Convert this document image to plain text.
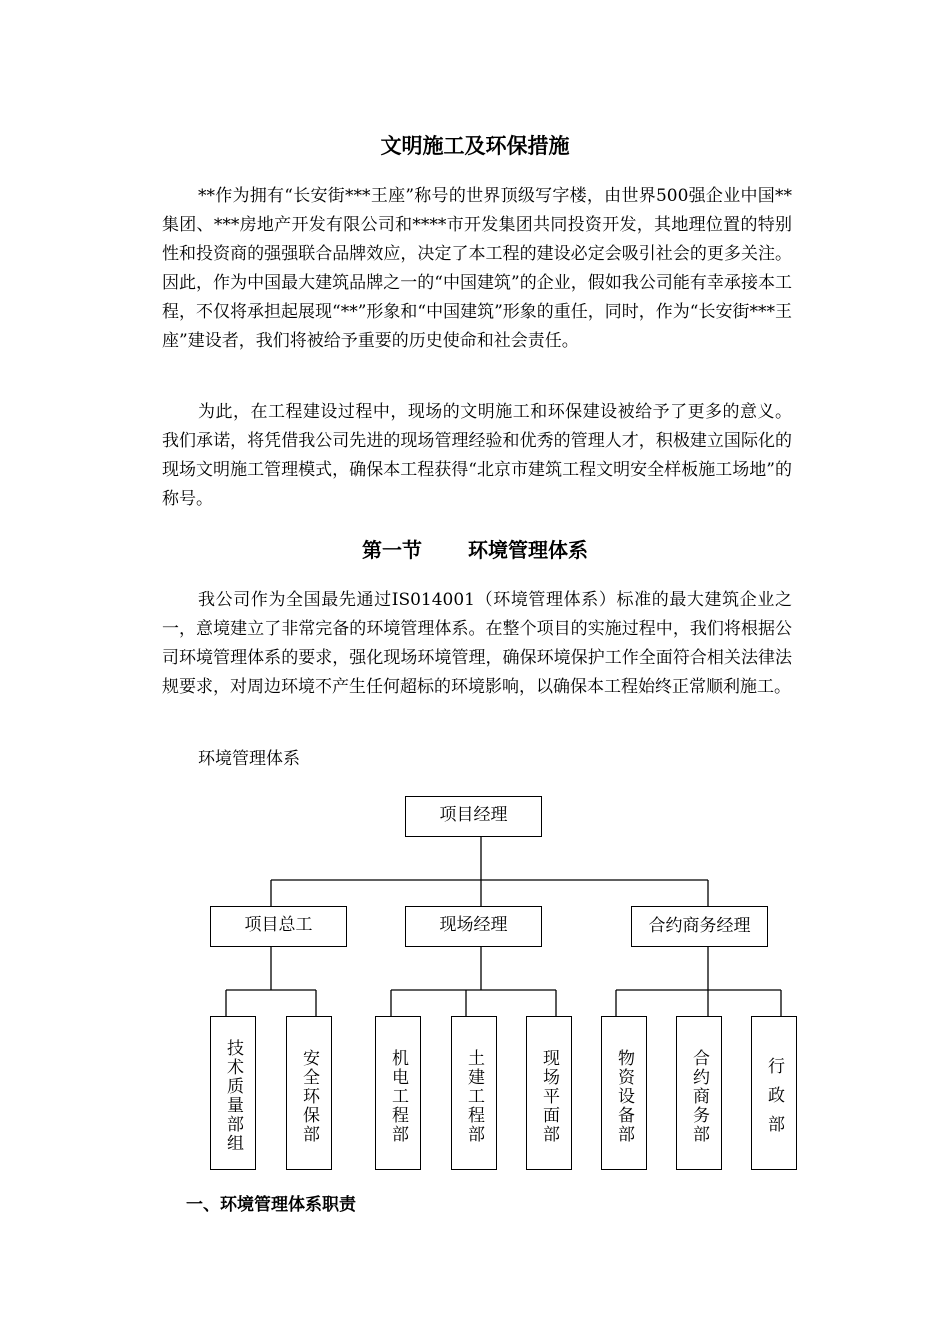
文明施工及环保措施

**作为拥有“长安街***王座”称号的世界顶级写字楼，由世界500强企业中国**集团、***房地产开发有限公司和****市开发集团共同投资开发，其地理位置的特别性和投资商的强强联合品牌效应，决定了本工程的建设必定会吸引社会的更多关注。因此，作为中国最大建筑品牌之一的“中国建筑”的企业，假如我公司能有幸承接本工程，不仅将承担起展现“**”形象和“中国建筑”形象的重任，同时，作为“长安街***王座”建设者，我们将被给予重要的历史使命和社会责任。

为此，在工程建设过程中，现场的文明施工和环保建设被给予了更多的意义。我们承诺，将凭借我公司先进的现场管理经验和优秀的管理人才，积极建立国际化的现场文明施工管理模式，确保本工程获得“北京市建筑工程文明安全样板施工场地”的称号。

第一节 环境管理体系

我公司作为全国最先通过IS014001（环境管理体系）标准的最大建筑企业之一，意境建立了非常完备的环境管理体系。在整个项目的实施过程中，我们将根据公司环境管理体系的要求，强化现场环境管理，确保环境保护工作全面符合相关法律法规要求，对周边环境不产生任何超标的环境影响，以确保本工程始终正常顺利施工。

环境管理体系
项目经理
项目总工	现场经理	合约商务经理
技术质量部组	安全环保部	机电工程部	土建工程部	现场平面部	物资设备部	合约商务部	行政部
一、环境管理体系职责
